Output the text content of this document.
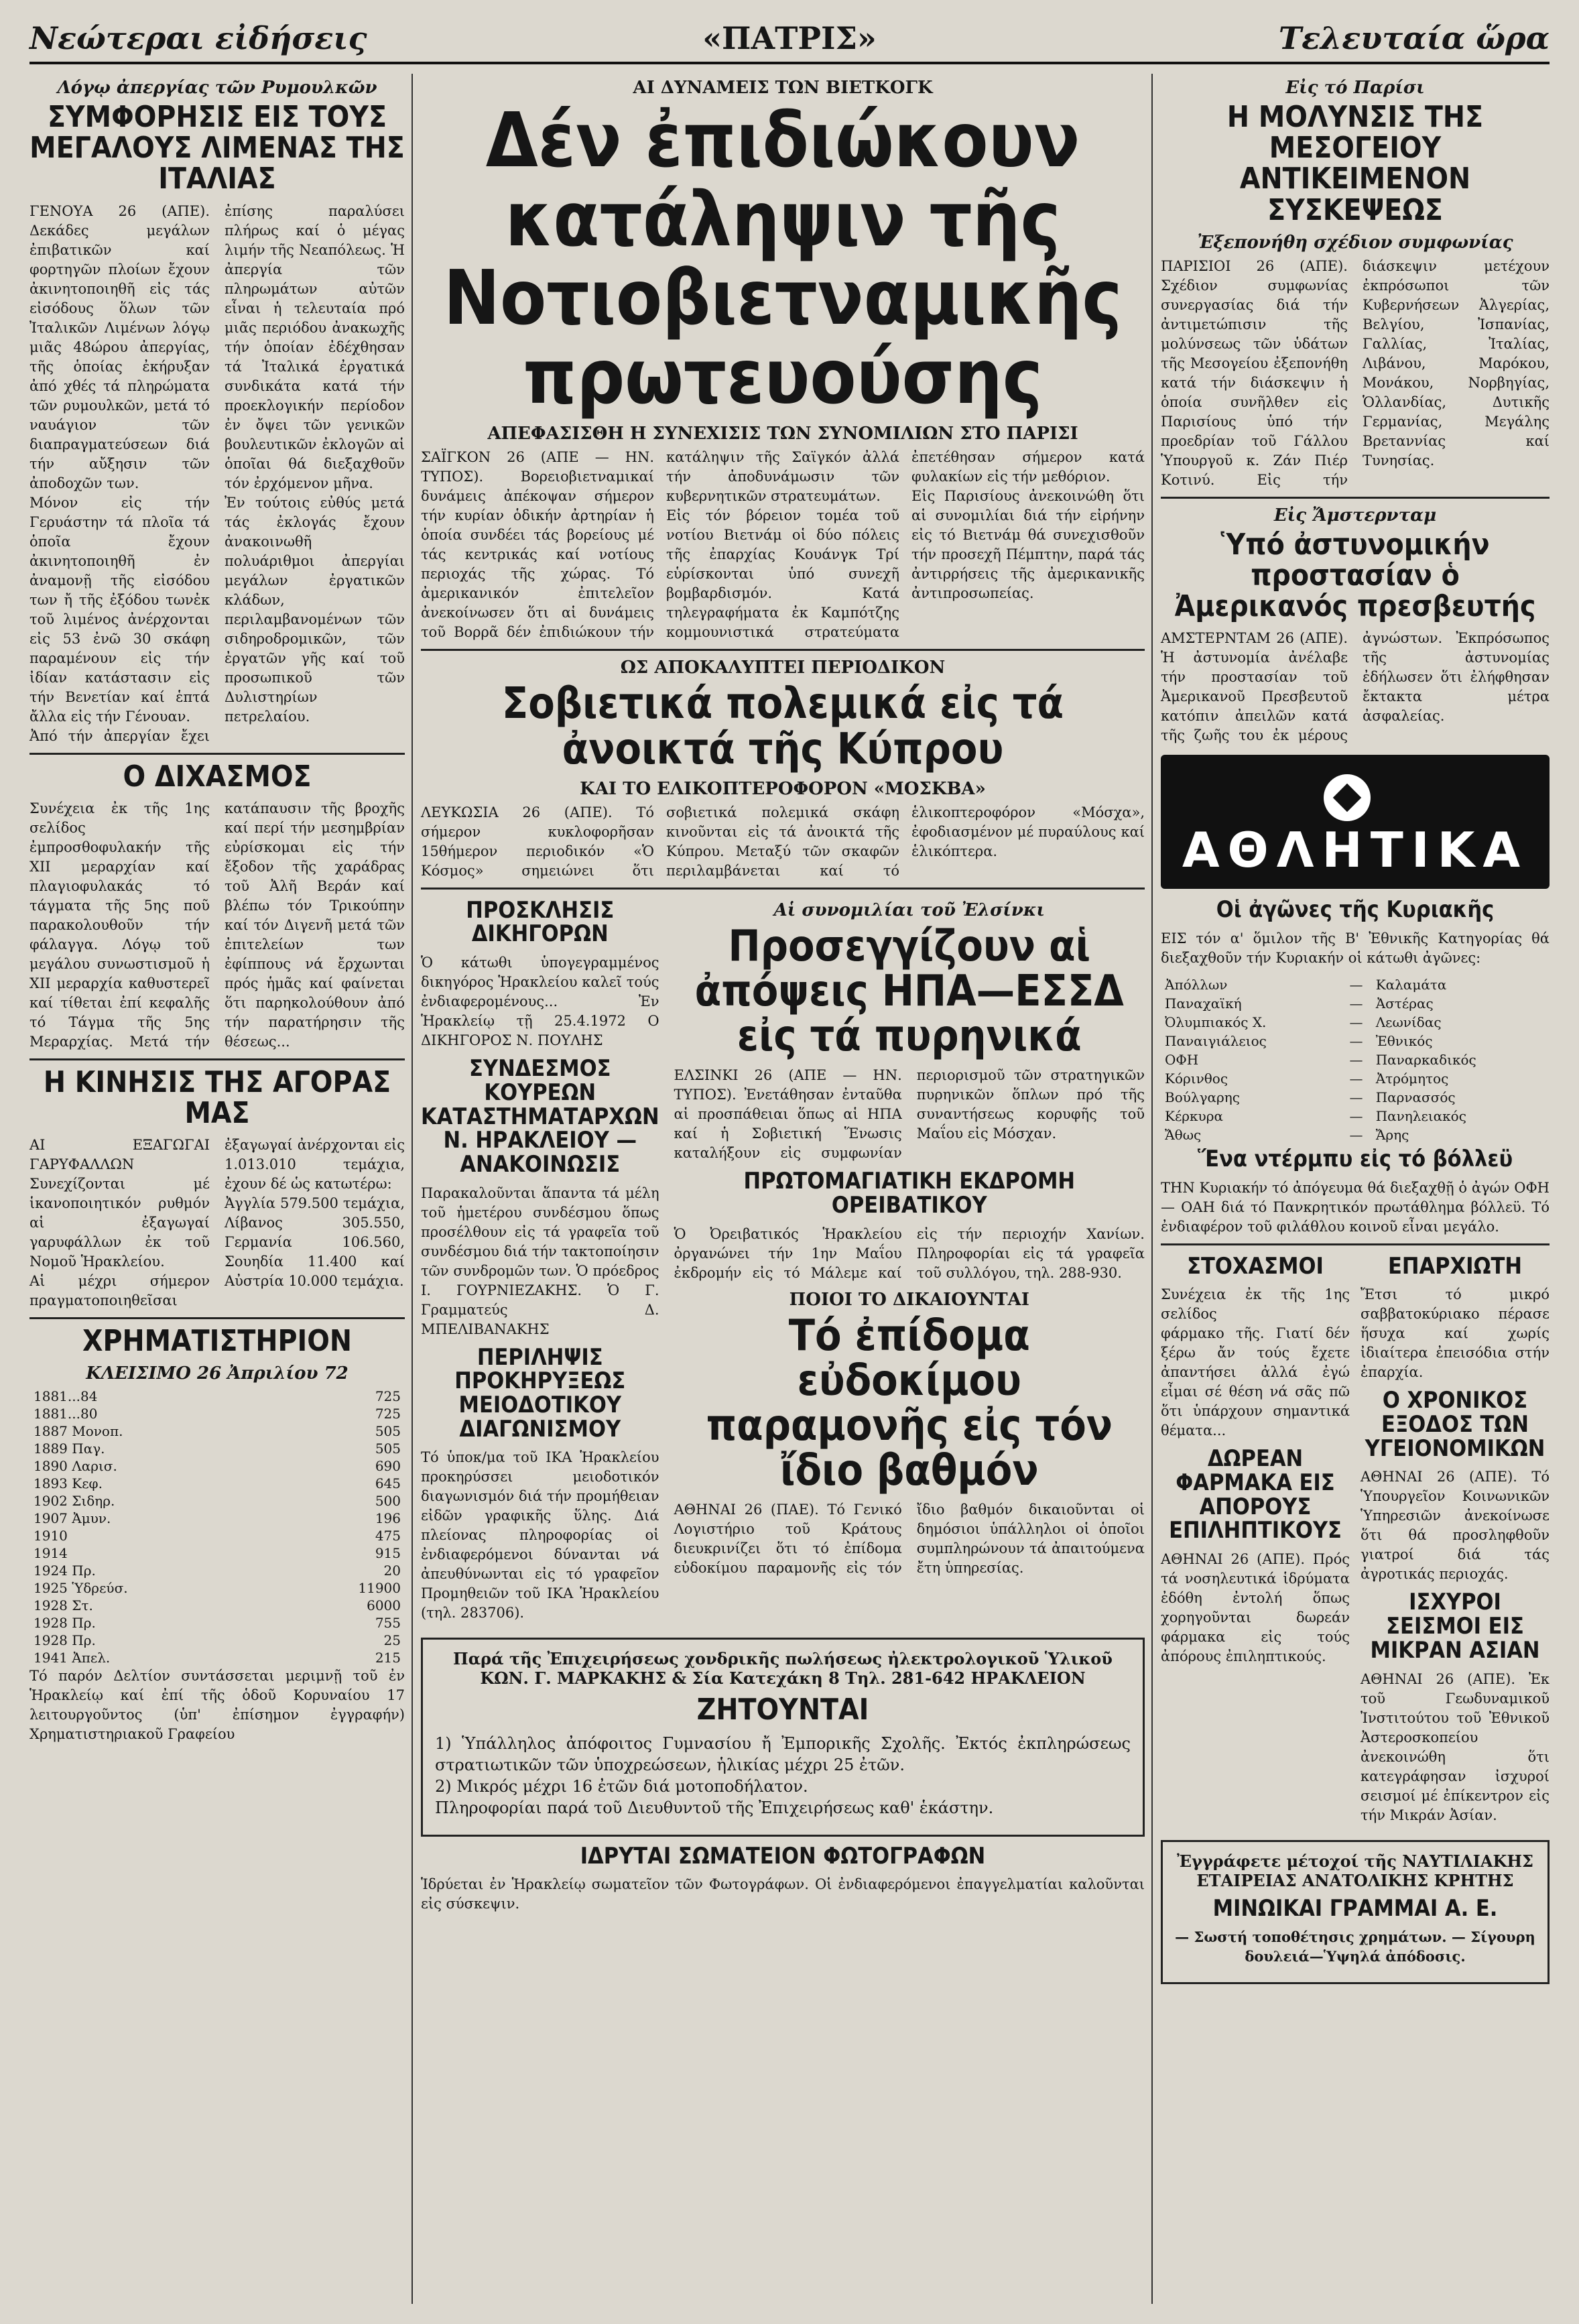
Νεώτεραι εἰδήσεις	«ΠΑΤΡΙΣ»	Τελευταία ὥρα
Λόγῳ ἀπεργίας τῶν Ρυμουλκῶν
ΣΥΜΦΟΡΗΣΙΣ ΕΙΣ ΤΟΥΣ ΜΕΓΑΛΟΥΣ ΛΙΜΕΝΑΣ ΤΗΣ ΙΤΑΛΙΑΣ
ΓΕΝΟΥΑ 26 (ΑΠΕ). Δεκάδες μεγάλων ἐπιβατικῶν καί φορτηγῶν πλοίων ἔχουν ἀκινητοποιηθῆ εἰς τάς εἰσόδους ὅλων τῶν Ἰταλικῶν Λιμένων λόγῳ μιᾶς 48ώρου ἀπεργίας, τῆς ὁποίας ἐκήρυξαν ἀπό χθές τά πληρώματα τῶν ρυμουλκῶν, μετά τό ναυάγιον τῶν διαπραγματεύσεων διά τήν αὔξησιν τῶν ἀποδοχῶν των.
Μόνον εἰς τήν Γερυάστην τά πλοῖα τά ὁποῖα ἔχουν ἀκινητοποιηθῆ ἐν ἀναμονῇ τῆς εἰσόδου των ἤ τῆς ἐξόδου τωνἐκ τοῦ λιμένος ἀνέρχονται εἰς 53 ἐνῶ 30 σκάφη παραμένουν εἰς τήν ἰδίαν κατάστασιν εἰς τήν Βενετίαν καί ἑπτά ἄλλα εἰς τήν Γένουαν.
Ἀπό τήν ἀπεργίαν ἔχει ἐπίσης παραλύσει πλήρως καί ὁ μέγας λιμήν τῆς Νεαπόλεως. Ἡ ἀπεργία τῶν πληρωμάτων αὐτῶν εἶναι ἡ τελευταία πρό μιᾶς περιόδου ἀνακωχῆς τήν ὁποίαν ἐδέχθησαν τά Ἰταλικά ἐργατικά συνδικάτα κατά τήν προεκλογικήν περίοδον ἐν ὄψει τῶν γενικῶν βουλευτικῶν ἐκλογῶν αἱ ὁποῖαι θά διεξαχθοῦν τόν ἐρχόμενον μῆνα.
Ἐν τούτοις εὐθύς μετά τάς ἐκλογάς ἔχουν ἀνακοινωθῆ πολυάριθμοι ἀπεργίαι μεγάλων ἐργατικῶν κλάδων, περιλαμβανομένων τῶν σιδηροδρομικῶν, τῶν ἐργατῶν γῆς καί τοῦ προσωπικοῦ τῶν Δυλιστηρίων πετρελαίου.
Ο ΔΙΧΑΣΜΟΣ
Συνέχεια ἐκ τῆς 1ης σελίδος
ἐμπροσθοφυλακήν τῆς ΧΙΙ μεραρχίαν καί πλαγιοφυλακάς τό τάγματα τῆς 5ης ποῦ παρακολουθοῦν τήν φάλαγγα. Λόγῳ τοῦ μεγάλου συνωστισμοῦ ἡ ΧΙΙ μεραρχία καθυστερεῖ καί τίθεται ἐπί κεφαλῆς τό Τάγμα τῆς 5ης Μεραρχίας. Μετά τήν κατάπαυσιν τῆς βροχῆς καί περί τήν μεσημβρίαν εὐρίσκομαι εἰς τήν ἔξοδον τῆς χαράδρας τοῦ Ἀλῆ Βεράν καί βλέπω τόν Τρικούπην καί τόν Διγενῆ μετά τῶν ἐπιτελείων των ἐφίππους νά ἔρχωνται πρός ἡμᾶς καί φαίνεται ὅτι παρηκολούθουν ἀπό τήν παρατήρησιν τῆς θέσεως...
Η ΚΙΝΗΣΙΣ ΤΗΣ ΑΓΟΡΑΣ ΜΑΣ
ΑΙ ΕΞΑΓΩΓΑΙ ΓΑΡΥΦΑΛΛΩΝ
Συνεχίζονται μέ ἱκανοποιητικόν ρυθμόν αἱ ἐξαγωγαί γαρυφάλλων ἐκ τοῦ Νομοῦ Ἡρακλείου.
Αἱ μέχρι σήμερον πραγματοποιηθεῖσαι ἐξαγωγαί ἀνέρχονται εἰς 1.013.010 τεμάχια, ἐχουν δέ ὡς κατωτέρω:
Ἀγγλία 579.500 τεμάχια, Λίβανος 305.550, Γερμανία 106.560, Σουηδία 11.400 καί Αὐστρία 10.000 τεμάχια.
ΧΡΗΜΑΤΙΣΤΗΡΙΟΝ
ΚΛΕΙΣΙΜΟ 26 Ἀπριλίου 72
1881...84	725
1881...80	725
1887 Μονοπ.	505
1889 Παγ.	505
1890 Λαρισ.	690
1893 Κεφ.	645
1902 Σιδηρ.	500
1907 Ἀμυν.	196
1910	475
1914	915
1924 Πρ.	20
1925 Ὑδρεύσ.	11900
1928 Στ.	6000
1928 Πρ.	755
1928 Πρ.	25
1941 Ἀπελ.	215
Τό παρόν Δελτίον συντάσσεται μεριμνῇ τοῦ ἐν Ἡρακλείῳ καί ἐπί τῆς ὁδοῦ Κορυναίου 17 λειτουργοῦντος (ὑπ' ἐπίσημον ἐγγραφήν) Χρηματιστηριακοῦ Γραφείου
ΑΙ ΔΥΝΑΜΕΙΣ ΤΩΝ ΒΙΕΤΚΟΓΚ
Δέν ἐπιδιώκουν κατάληψιν τῆς Νοτιοβιετναμικῆς πρωτευούσης
ΑΠΕΦΑΣΙΣΘΗ Η ΣΥΝΕΧΙΣΙΣ ΤΩΝ ΣΥΝΟΜΙΛΙΩΝ ΣΤΟ ΠΑΡΙΣΙ
ΣΑΪΓΚΟΝ 26 (ΑΠΕ — ΗΝ. ΤΥΠΟΣ). Βορειοβιετναμικαί δυνάμεις ἀπέκοψαν σήμερον τήν κυρίαν ὁδικήν ἀρτηρίαν ἡ ὁποία συνδέει τάς βορείους μέ τάς κεντρικάς καί νοτίους περιοχάς τῆς χώρας. Τό ἀμερικανικόν ἐπιτελεῖον ἀνεκοίνωσεν ὅτι αἱ δυνάμεις τοῦ Βορρᾶ δέν ἐπιδιώκουν τήν κατάληψιν τῆς Σαϊγκόν ἀλλά τήν ἀποδυνάμωσιν τῶν κυβερνητικῶν στρατευμάτων.
Εἰς τόν βόρειον τομέα τοῦ νοτίου Βιετνάμ οἱ δύο πόλεις τῆς ἐπαρχίας Κουάνγκ Τρί εὑρίσκονται ὑπό συνεχῆ βομβαρδισμόν. Κατά τηλεγραφήματα ἐκ Καμπότζης κομμουνιστικά στρατεύματα ἐπετέθησαν σήμερον κατά φυλακίων εἰς τήν μεθόριον.
Εἰς Παρισίους ἀνεκοινώθη ὅτι αἱ συνομιλίαι διά τήν εἰρήνην εἰς τό Βιετνάμ θά συνεχισθοῦν τήν προσεχῆ Πέμπτην, παρά τάς ἀντιρρήσεις τῆς ἀμερικανικῆς ἀντιπροσωπείας.
ΩΣ ΑΠΟΚΑΛΥΠΤΕΙ ΠΕΡΙΟΔΙΚΟΝ
Σοβιετικά πολεμικά εἰς τά ἀνοικτά τῆς Κύπρου
ΚΑΙ ΤΟ ΕΛΙΚΟΠΤΕΡΟΦΟΡΟΝ «ΜΟΣΚΒΑ»
ΛΕΥΚΩΣΙΑ 26 (ΑΠΕ). Τό σήμερον κυκλοφορῆσαν 15θήμερον περιοδικόν «Ὁ Κόσμος» σημειώνει ὅτι σοβιετικά πολεμικά σκάφη κινοῦνται εἰς τά ἀνοικτά τῆς Κύπρου. Μεταξύ τῶν σκαφῶν περιλαμβάνεται καί τό ἑλικοπτεροφόρον «Μόσχα», ἐφοδιασμένον μέ πυραύλους καί ἑλικόπτερα.
ΠΡΟΣΚΛΗΣΙΣ ΔΙΚΗΓΟΡΩΝ
Ὁ κάτωθι ὑπογεγραμμένος δικηγόρος Ἡρακλείου καλεῖ τούς ἐνδιαφερομένους... Ἐν Ἡρακλείῳ τῇ 25.4.1972 Ο ΔΙΚΗΓΟΡΟΣ Ν. ΠΟΥΛΗΣ
ΣΥΝΔΕΣΜΟΣ ΚΟΥΡΕΩΝ ΚΑΤΑΣΤΗΜΑΤΑΡΧΩΝ Ν. ΗΡΑΚΛΕΙΟΥ — ΑΝΑΚΟΙΝΩΣΙΣ
Παρακαλοῦνται ἅπαντα τά μέλη τοῦ ἡμετέρου συνδέσμου ὅπως προσέλθουν εἰς τά γραφεῖα τοῦ συνδέσμου διά τήν τακτοποίησιν τῶν συνδρομῶν των. Ὁ πρόεδρος Ι. ΓΟΥΡΝΙΕΖΑΚΗΣ. Ὁ Γ. Γραμματεύς Δ. ΜΠΕΛΙΒΑΝΑΚΗΣ
ΠΕΡΙΛΗΨΙΣ ΠΡΟΚΗΡΥΞΕΩΣ ΜΕΙΟΔΟΤΙΚΟΥ ΔΙΑΓΩΝΙΣΜΟΥ
Τό ὑποκ/μα τοῦ ΙΚΑ Ἡρακλείου προκηρύσσει μειοδοτικόν διαγωνισμόν διά τήν προμήθειαν εἰδῶν γραφικῆς ὕλης. Διά πλείονας πληροφορίας οἱ ἐνδιαφερόμενοι δύνανται νά ἀπευθύνωνται εἰς τό γραφεῖον Προμηθειῶν τοῦ ΙΚΑ Ἡρακλείου (τηλ. 283706).
Αἱ συνομιλίαι τοῦ Ἐλσίνκι
Προσεγγίζουν αἱ ἀπόψεις ΗΠΑ—ΕΣΣΔ εἰς τά πυρηνικά
ΕΛΣΙΝΚΙ 26 (ΑΠΕ — ΗΝ. ΤΥΠΟΣ). Ἐνετάθησαν ἐνταῦθα αἱ προσπάθειαι ὅπως αἱ ΗΠΑ καί ἡ Σοβιετική Ἕνωσις καταλήξουν εἰς συμφωνίαν περιορισμοῦ τῶν στρατηγικῶν πυρηνικῶν ὅπλων πρό τῆς συναντήσεως κορυφῆς τοῦ Μαΐου εἰς Μόσχαν.
ΠΡΩΤΟΜΑΓΙΑΤΙΚΗ ΕΚΔΡΟΜΗ ΟΡΕΙΒΑΤΙΚΟΥ
Ὁ Ὀρειβατικός Ἡρακλείου ὀργανώνει τήν 1ην Μαΐου ἐκδρομήν εἰς τό Μάλεμε καί εἰς τήν περιοχήν Χανίων. Πληροφορίαι εἰς τά γραφεῖα τοῦ συλλόγου, τηλ. 288-930.
ΠΟΙΟΙ ΤΟ ΔΙΚΑΙΟΥΝΤΑΙ
Τό ἐπίδομα εὐδοκίμου παραμονῆς εἰς τόν ἴδιο βαθμόν
ΑΘΗΝΑΙ 26 (ΠΑΕ). Τό Γενικό Λογιστήριο τοῦ Κράτους διευκρινίζει ὅτι τό ἐπίδομα εὐδοκίμου παραμονῆς εἰς τόν ἴδιο βαθμόν δικαιοῦνται οἱ δημόσιοι ὑπάλληλοι οἱ ὁποῖοι συμπληρώνουν τά ἀπαιτούμενα ἔτη ὑπηρεσίας.
Παρά τῆς Ἐπιχειρήσεως χονδρικῆς πωλήσεως ἠλεκτρολογικοῦ Ὑλικοῦ ΚΩΝ. Γ. ΜΑΡΚΑΚΗΣ & Σία Κατεχάκη 8 Τηλ. 281-642 ΗΡΑΚΛΕΙΟΝ
ΖΗΤΟΥΝΤΑΙ
1) Ὑπάλληλος ἀπόφοιτος Γυμνασίου ἤ Ἐμπορικῆς Σχολῆς. Ἐκτός ἐκπληρώσεως στρατιωτικῶν τῶν ὑποχρεώσεων, ἡλικίας μέχρι 25 ἐτῶν.
2) Μικρός μέχρι 16 ἐτῶν διά μοτοποδήλατον.
Πληροφορίαι παρά τοῦ Διευθυντοῦ τῆς Ἐπιχειρήσεως καθ' ἑκάστην.
ΙΔΡΥΤΑΙ ΣΩΜΑΤΕΙΟΝ ΦΩΤΟΓΡΑΦΩΝ
Ἱδρύεται ἐν Ἡρακλείῳ σωματεῖον τῶν Φωτογράφων. Οἱ ἐνδιαφερόμενοι ἐπαγγελματίαι καλοῦνται εἰς σύσκεψιν.
Εἰς τό Παρίσι
Η ΜΟΛΥΝΣΙΣ ΤΗΣ ΜΕΣΟΓΕΙΟΥ ΑΝΤΙΚΕΙΜΕΝΟΝ ΣΥΣΚΕΨΕΩΣ
Ἐξεπονήθη σχέδιον συμφωνίας
ΠΑΡΙΣΙΟΙ 26 (ΑΠΕ). Σχέδιον συμφωνίας συνεργασίας διά τήν ἀντιμετώπισιν τῆς μολύνσεως τῶν ὑδάτων τῆς Μεσογείου ἐξεπονήθη κατά τήν διάσκεψιν ἡ ὁποία συνῆλθεν εἰς Παρισίους ὑπό τήν προεδρίαν τοῦ Γάλλου Ὑπουργοῦ κ. Ζάν Πιέρ Κοτινύ. Εἰς τήν διάσκεψιν μετέχουν ἐκπρόσωποι τῶν Κυβερνήσεων Ἀλγερίας, Βελγίου, Ἰσπανίας, Γαλλίας, Ἰταλίας, Λιβάνου, Μαρόκου, Μονάκου, Νορβηγίας, Ὁλλανδίας, Δυτικῆς Γερμανίας, Μεγάλης Βρεταννίας καί Τυνησίας.
Εἰς Ἄμστερνταμ
Ὑπό ἀστυνομικήν προστασίαν ὁ Ἀμερικανός πρεσβευτής
ΑΜΣΤΕΡΝΤΑΜ 26 (ΑΠΕ). Ἡ ἀστυνομία ἀνέλαβε τήν προστασίαν τοῦ Ἀμερικανοῦ Πρεσβευτοῦ κατόπιν ἀπειλῶν κατά τῆς ζωῆς του ἐκ μέρους ἀγνώστων. Ἐκπρόσωπος τῆς ἀστυνομίας ἐδήλωσεν ὅτι ἐλήφθησαν ἔκτακτα μέτρα ἀσφαλείας.
ΑΘΛΗΤΙΚΑ
Οἱ ἀγῶνες τῆς Κυριακῆς
ΕΙΣ τόν α' ὅμιλον τῆς Β' Ἐθνικῆς Κατηγορίας θά διεξαχθοῦν τήν Κυριακήν οἱ κάτωθι ἀγῶνες:
Ἀπόλλων	—	Καλαμάτα
Παναχαϊκή	—	Ἀστέρας
Ὀλυμπιακός Χ.	—	Λεωνίδας
Παναιγιάλειος	—	Ἐθνικός
ΟΦΗ	—	Παναρκαδικός
Κόρινθος	—	Ἀτρόμητος
Βούλγαρης	—	Παρνασσός
Κέρκυρα	—	Πανηλειακός
Ἄθως	—	Ἄρης
Ἕνα ντέρμπυ εἰς τό βόλλεϋ
ΤΗΝ Κυριακήν τό ἀπόγευμα θά διεξαχθῇ ὁ ἀγών ΟΦΗ — ΟΑΗ διά τό Πανκρητικόν πρωτάθλημα βόλλεϋ. Τό ἐνδιαφέρον τοῦ φιλάθλου κοινοῦ εἶναι μεγάλο.
ΣΤΟΧΑΣΜΟΙ
Συνέχεια ἐκ τῆς 1ης σελίδος
φάρμακο τῆς. Γιατί δέν ξέρω ἄν τούς ἔχετε ἀπαντήσει ἀλλά ἐγώ εἶμαι σέ θέση νά σᾶς πῶ ὅτι ὑπάρχουν σημαντικά θέματα...
ΔΩΡΕΑΝ ΦΑΡΜΑΚΑ ΕΙΣ ΑΠΟΡΟΥΣ ΕΠΙΛΗΠΤΙΚΟΥΣ
ΑΘΗΝΑΙ 26 (ΑΠΕ). Πρός τά νοσηλευτικά ἱδρύματα ἐδόθη ἐντολή ὅπως χορηγοῦνται δωρεάν φάρμακα εἰς τούς ἀπόρους ἐπιληπτικούς.
ΕΠΑΡΧΙΩΤΗ
Ἔτσι τό μικρό σαββατοκύριακο πέρασε ἥσυχα καί χωρίς ἰδιαίτερα ἐπεισόδια στήν ἐπαρχία.
Ο ΧΡΟΝΙΚΟΣ ΕΞΟΔΟΣ ΤΩΝ ΥΓΕΙΟΝΟΜΙΚΩΝ
ΑΘΗΝΑΙ 26 (ΑΠΕ). Τό Ὑπουργεῖον Κοινωνικῶν Ὑπηρεσιῶν ἀνεκοίνωσε ὅτι θά προσληφθοῦν γιατροί διά τάς ἀγροτικάς περιοχάς.
ΙΣΧΥΡΟΙ ΣΕΙΣΜΟΙ ΕΙΣ ΜΙΚΡΑΝ ΑΣΙΑΝ
ΑΘΗΝΑΙ 26 (ΑΠΕ). Ἐκ τοῦ Γεωδυναμικοῦ Ἰνστιτούτου τοῦ Ἐθνικοῦ Ἀστεροσκοπείου ἀνεκοινώθη ὅτι κατεγράφησαν ἰσχυροί σεισμοί μέ ἐπίκεντρον εἰς τήν Μικράν Ἀσίαν.
Ἐγγράφετε μέτοχοί τῆς ΝΑΥΤΙΛΙΑΚΗΣ ΕΤΑΙΡΕΙΑΣ ΑΝΑΤΟΛΙΚΗΣ ΚΡΗΤΗΣ
ΜΙΝΩΙΚΑΙ ΓΡΑΜΜΑΙ Α. Ε.
— Σωστή τοποθέτησις χρημάτων. — Σίγουρη δουλειά—Ὑψηλά ἀπόδοσις.
